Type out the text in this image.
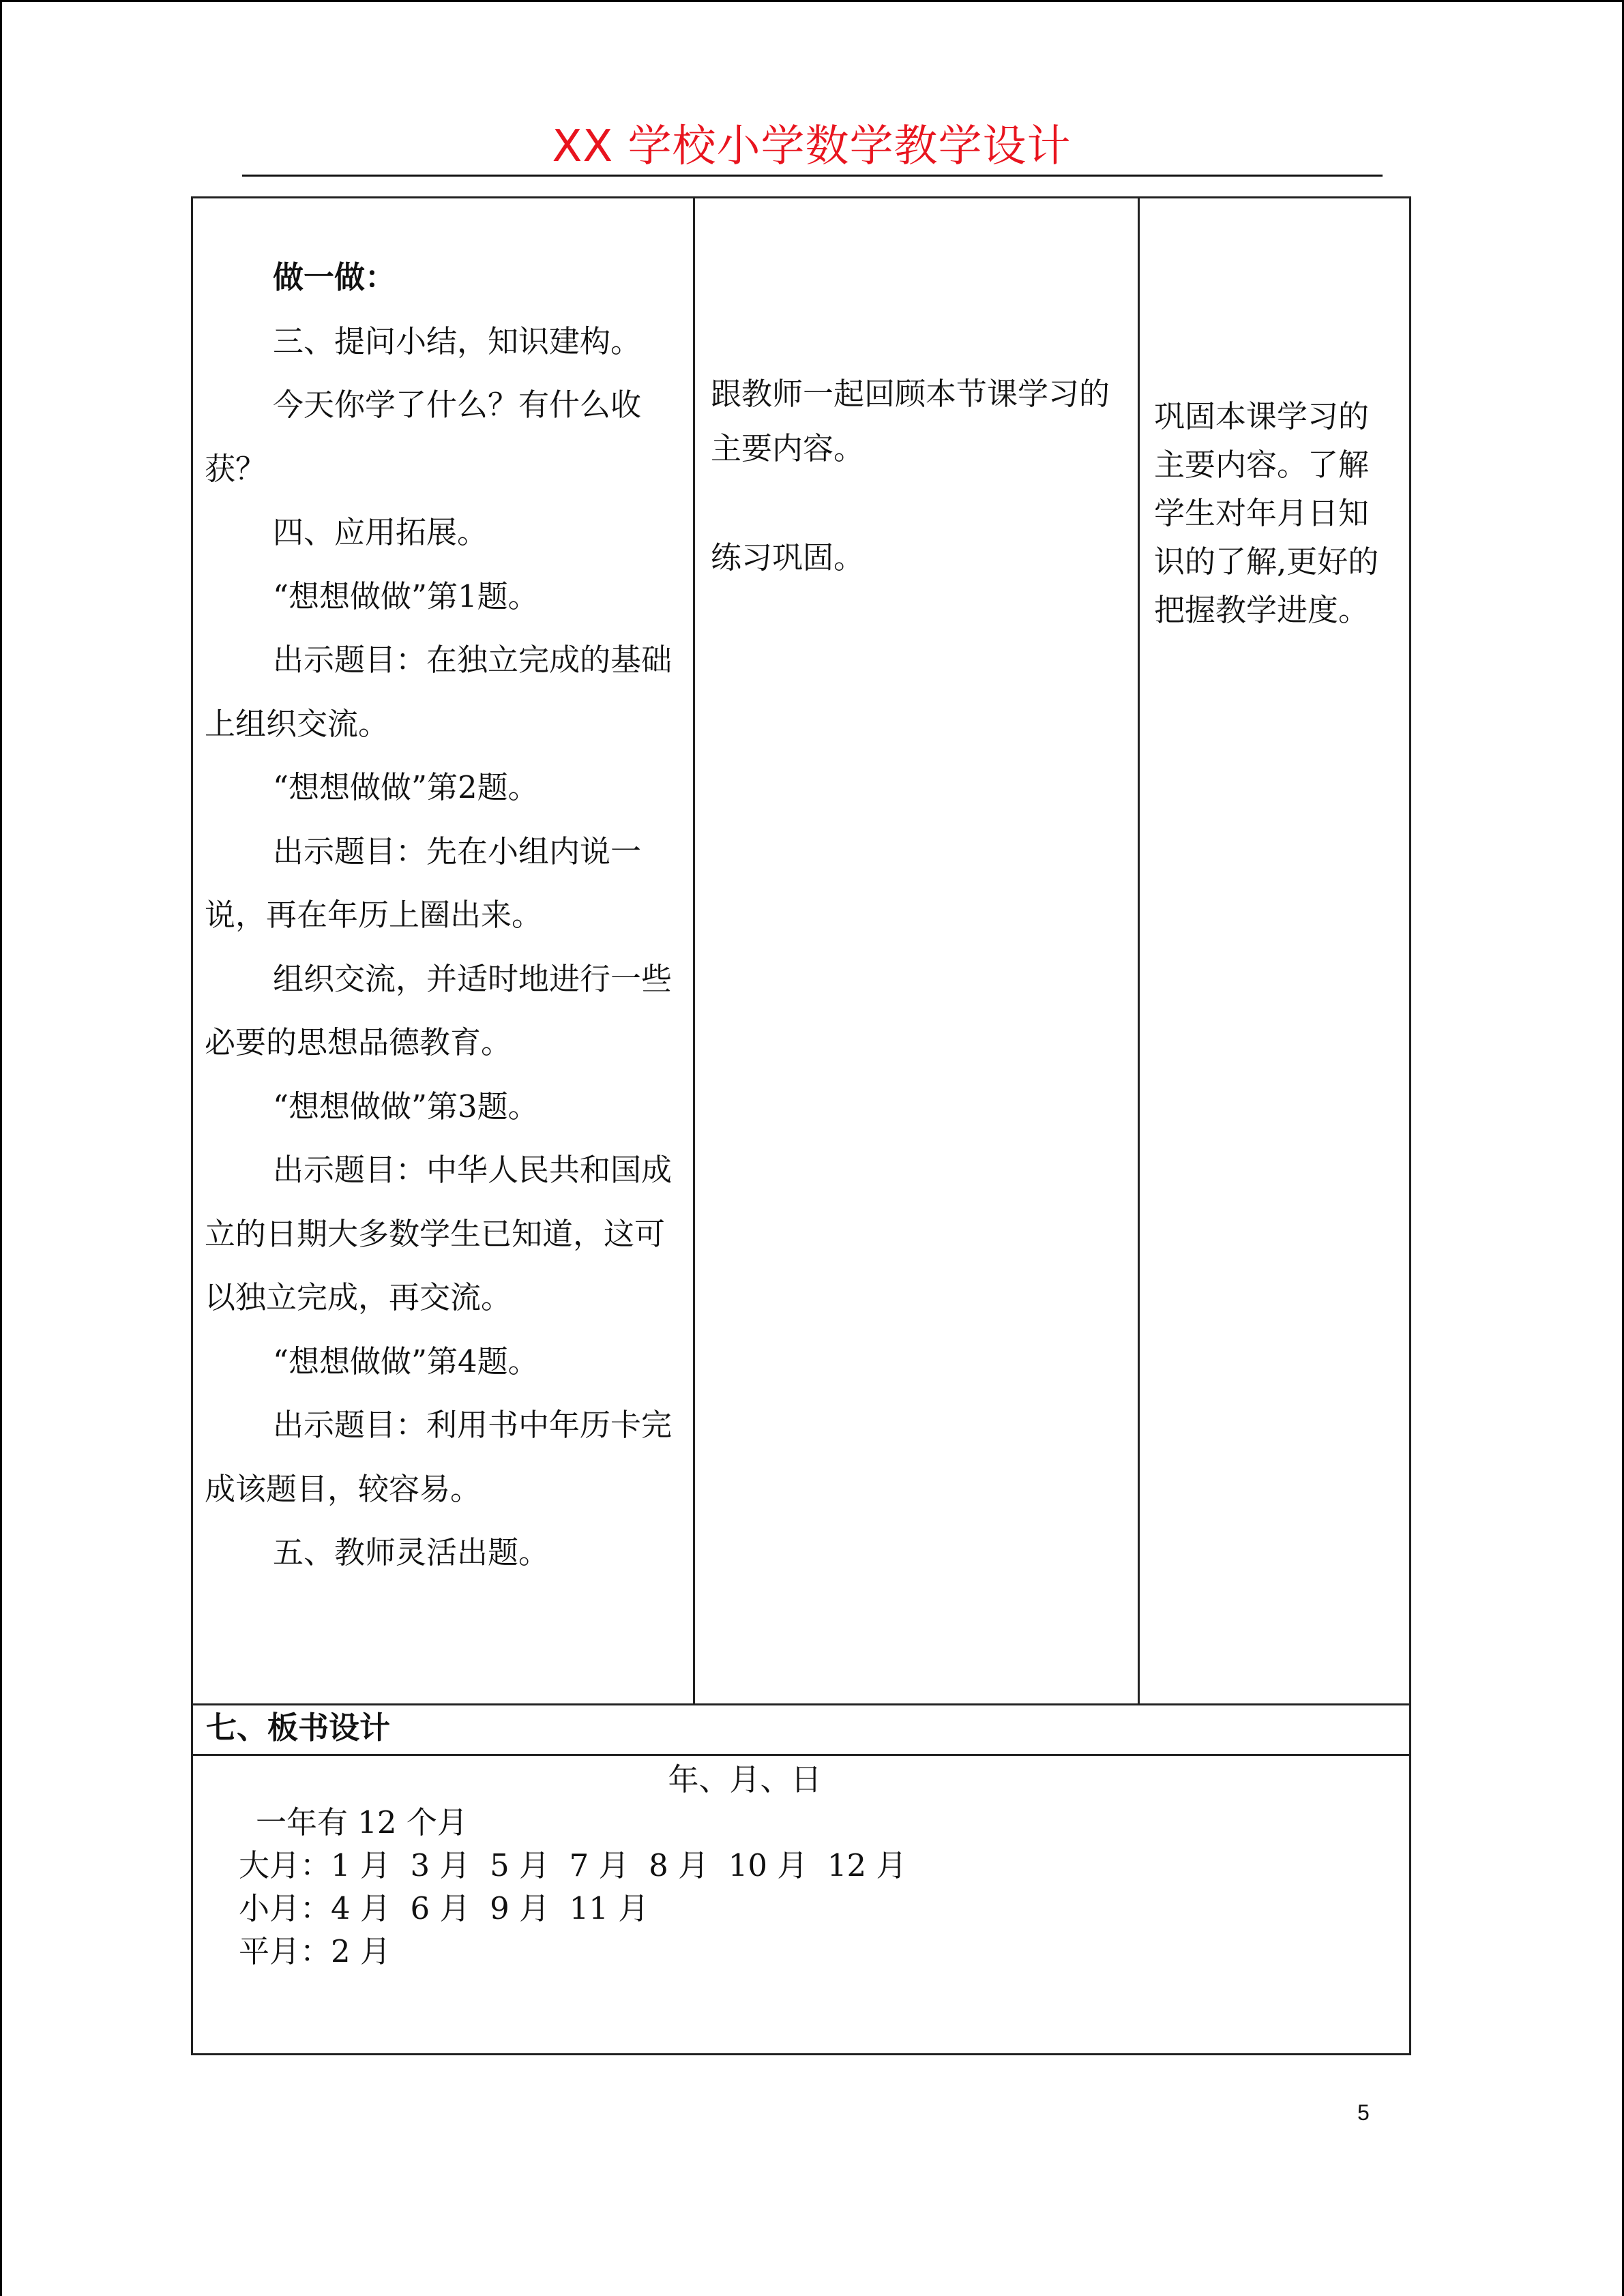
XX 学校小学数学教学设计

做一做：

三、提问小结，知识建构。

今天你学了什么？有什么收获？

四、应用拓展。

“想想做做”第1题。

出示题目：在独立完成的基础上组织交流。

“想想做做”第2题。

出示题目：先在小组内说一说，再在年历上圈出来。

组织交流，并适时地进行一些必要的思想品德教育。

“想想做做”第3题。

出示题目：中华人民共和国成立的日期大多数学生已知道，这可以独立完成，再交流。

“想想做做”第4题。

出示题目：利用书中年历卡完成该题目，较容易。

五、教师灵活出题。

跟教师一起回顾本节课学习的主要内容。

练习巩固。

巩固本课学习的主要内容。了解学生对年月日知识的了解,更好的把握教学进度。
七、板书设计
年、月、日
一年有 12 个月
大月：1 月  3 月  5 月  7 月  8 月  10 月  12 月
小月：4 月  6 月  9 月  11 月
平月：2 月
5
